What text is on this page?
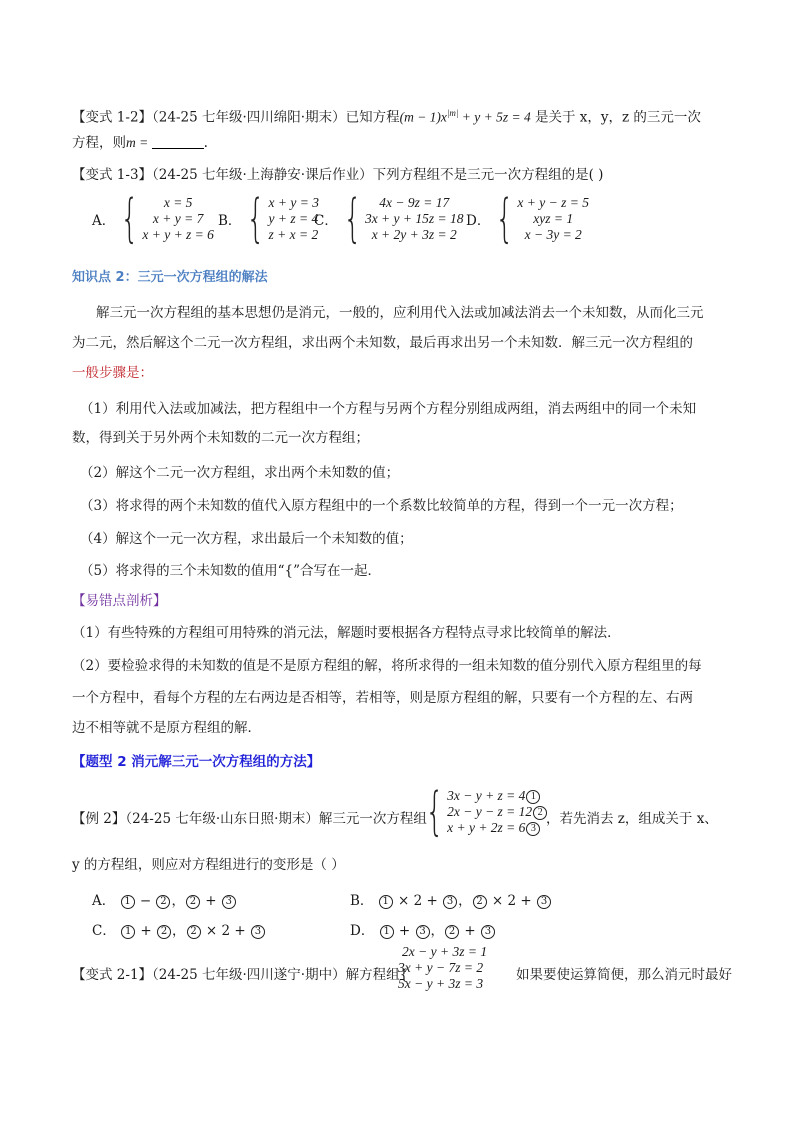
【变式 1-2】（24-25 七年级·四川绵阳·期末）已知方程$(m - 1)x^{|m|} + y + 5z = 4$ 是关于 x，y，z 的三元一次
方程，则m =	.
【变式 1-3】（24-25 七年级·上海静安·课后作业）下列方程组不是三元一次方程组的是( )
A． {	x = 5
x + y = 7
x + y + z = 6
B． { x + y = 3
y + z = 4
z + x = 2
C． {	4x − 9z = 17
3x + y + 15z = 18
x + 2y + 3z = 2
D． { x + y − z = 5
xyz = 1
x − 3y = 2
知识点 2：三元一次方程组的解法
解三元一次方程组的基本思想仍是消元，一般的，应利用代入法或加减法消去一个未知数，从而化三元
为二元，然后解这个二元一次方程组，求出两个未知数，最后再求出另一个未知数．解三元一次方程组的
一般步骤是：
（1）利用代入法或加减法，把方程组中一个方程与另两个方程分别组成两组，消去两组中的同一个未知
数，得到关于另外两个未知数的二元一次方程组；
（2）解这个二元一次方程组，求出两个未知数的值；
（3）将求得的两个未知数的值代入原方程组中的一个系数比较简单的方程，得到一个一元一次方程；
（4）解这个一元一次方程，求出最后一个未知数的值；
（5）将求得的三个未知数的值用“{”合写在一起．
【易错点剖析】
（1）有些特殊的方程组可用特殊的消元法，解题时要根据各方程特点寻求比较简单的解法．
（2）要检验求得的未知数的值是不是原方程组的解，将所求得的一组未知数的值分别代入原方程组里的每
一个方程中，看每个方程的左右两边是否相等，若相等，则是原方程组的解，只要有一个方程的左、右两
边不相等就不是原方程组的解．
【题型 2 消元解三元一次方程组的方法】
【例 2】（24-25 七年级·山东日照·期末）解三元一次方程组
{ 3x − y + z = 4 1
2x − y − z = 12 2
x + y + 2z = 6 3
，若先消去 z，组成关于 x、
y 的方程组，则应对方程组进行的变形是（ ）
A． 1 − 2 ， 2 + 3	B． 1 × 2 + 3 ， 2 × 2 + 3
C． 1 + 2 ， 2 × 2 + 3	D． 1 + 3 ， 2 + 3
【变式 2-1】（24-25 七年级·四川遂宁·期中）解方程组{
2x − y + 3z = 1
3x + y − 7z = 2
5x − y + 3z = 3
如果要使运算简便，那么消元时最好
